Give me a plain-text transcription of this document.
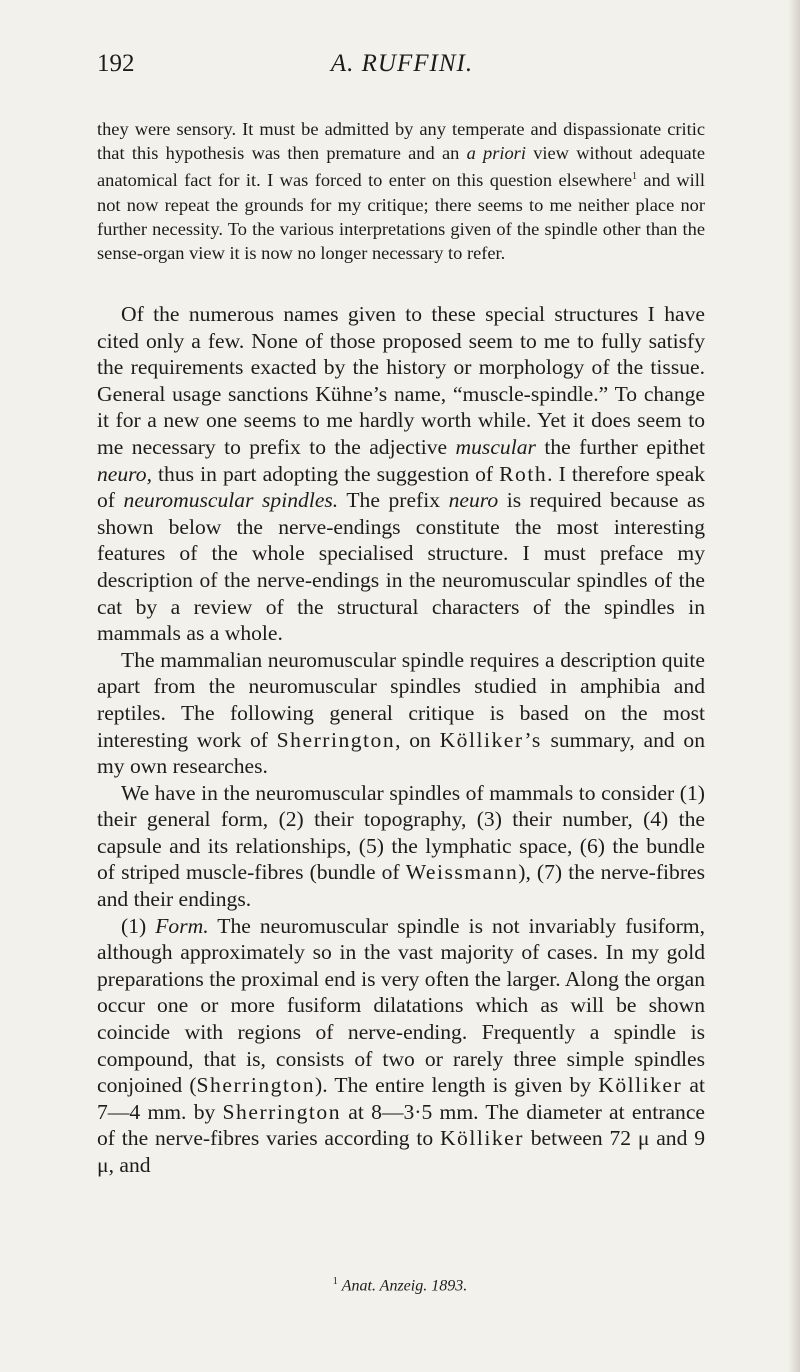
192	A. RUFFINI.

they were sensory. It must be admitted by any temperate and dispassionate critic that this hypothesis was then premature and an a priori view without adequate anatomical fact for it. I was forced to enter on this question elsewhere$^1$ and will not now repeat the grounds for my critique; there seems to me neither place nor further necessity. To the various interpretations given of the spindle other than the sense-organ view it is now no longer necessary to refer.

Of the numerous names given to these special structures I have cited only a few. None of those proposed seem to me to fully satisfy the requirements exacted by the history or morphology of the tissue. General usage sanctions Kühne’s name, “muscle-spindle.” To change it for a new one seems to me hardly worth while. Yet it does seem to me necessary to prefix to the adjective muscular the further epithet neuro, thus in part adopting the suggestion of Roth. I therefore speak of neuromuscular spindles. The prefix neuro is required because as shown below the nerve-endings constitute the most interesting features of the whole specialised structure. I must preface my description of the nerve-endings in the neuromuscular spindles of the cat by a review of the structural characters of the spindles in mammals as a whole.

The mammalian neuromuscular spindle requires a description quite apart from the neuromuscular spindles studied in amphibia and reptiles. The following general critique is based on the most interesting work of Sherrington, on Kölliker’s summary, and on my own researches.

We have in the neuromuscular spindles of mammals to consider (1) their general form, (2) their topography, (3) their number, (4) the capsule and its relationships, (5) the lymphatic space, (6) the bundle of striped muscle-fibres (bundle of Weissmann), (7) the nerve-fibres and their endings.

(1) Form. The neuromuscular spindle is not invariably fusiform, although approximately so in the vast majority of cases. In my gold preparations the proximal end is very often the larger. Along the organ occur one or more fusiform dilatations which as will be shown coincide with regions of nerve-ending. Frequently a spindle is compound, that is, consists of two or rarely three simple spindles conjoined (Sherrington). The entire length is given by Kölliker at 7—4 mm. by Sherrington at 8—3·5 mm. The diameter at entrance of the nerve-fibres varies according to Kölliker between 72 μ and 9 μ, and

$^1$ Anat. Anzeig. 1893.
